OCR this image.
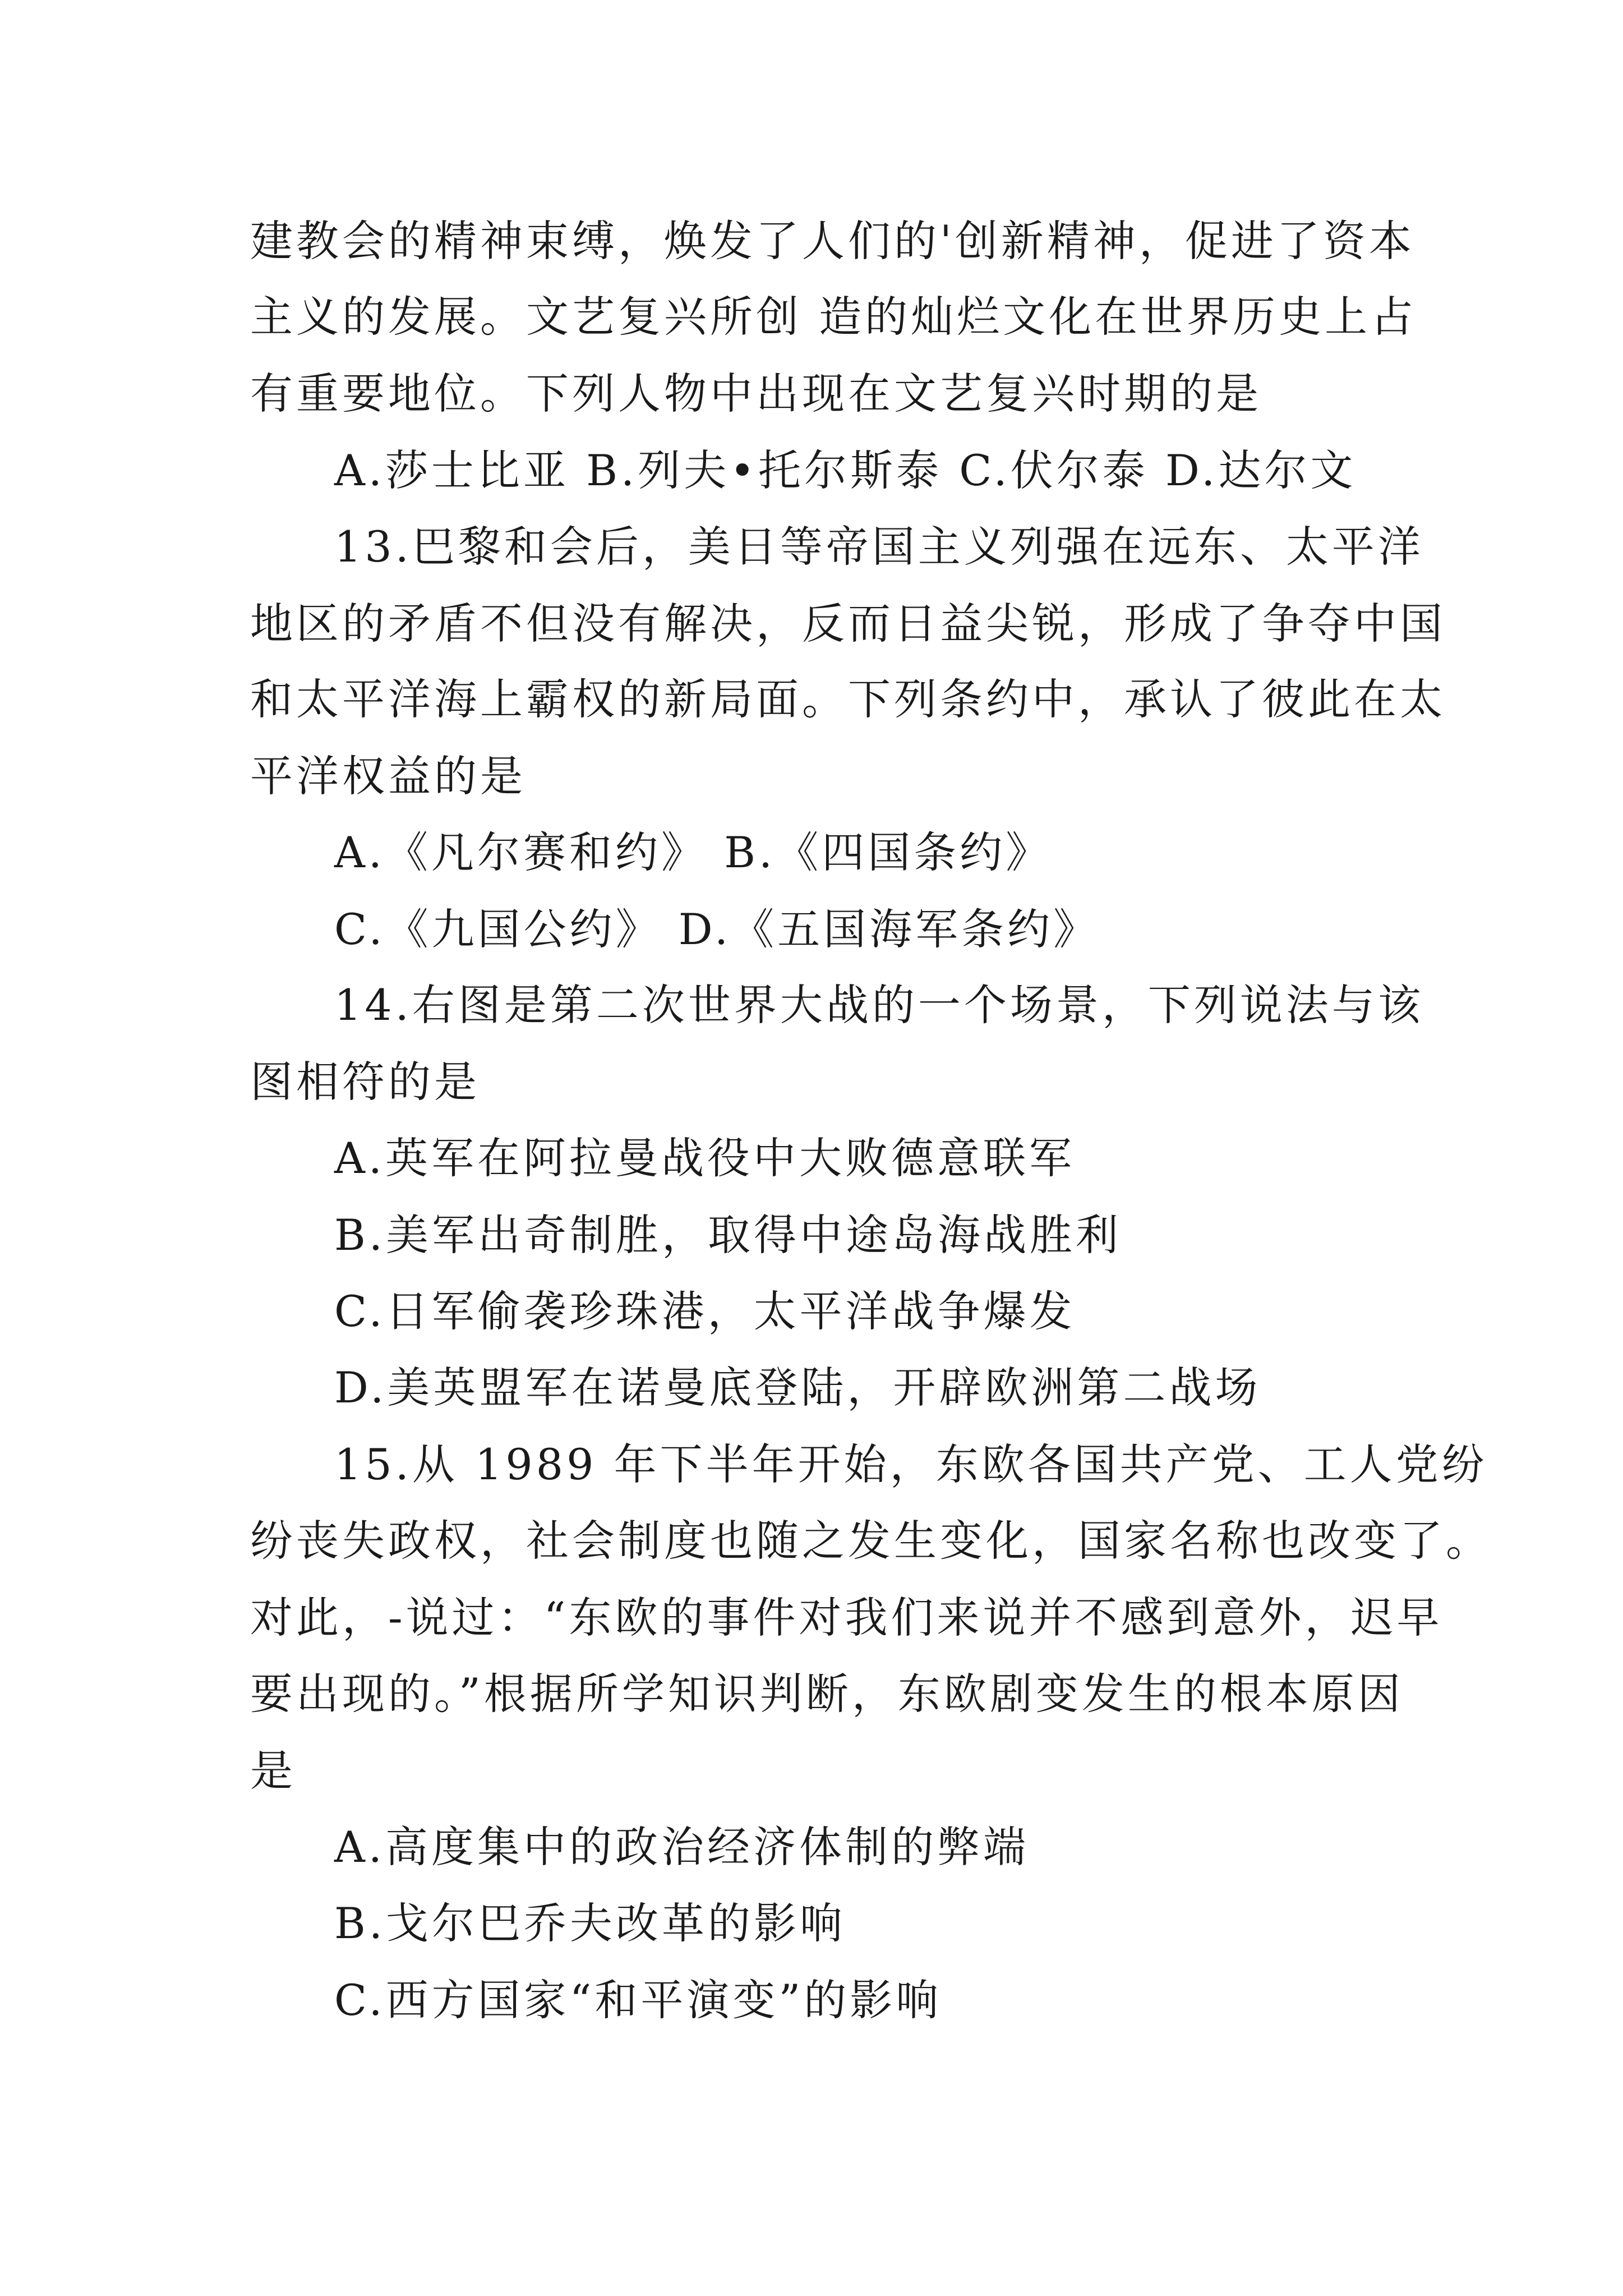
建教会的精神束缚，焕发了人们的'创新精神，促进了资本
主义的发展。文艺复兴所创 造的灿烂文化在世界历史上占
有重要地位。下列人物中出现在文艺复兴时期的是
A.莎士比亚 B.列夫•托尔斯泰 C.伏尔泰 D.达尔文
13.巴黎和会后，美日等帝国主义列强在远东、太平洋
地区的矛盾不但没有解决，反而日益尖锐，形成了争夺中国
和太平洋海上霸权的新局面。下列条约中，承认了彼此在太
平洋权益的是
A.《凡尔赛和约》 B.《四国条约》
C.《九国公约》 D.《五国海军条约》
14.右图是第二次世界大战的一个场景，下列说法与该
图相符的是
A.英军在阿拉曼战役中大败德意联军
B.美军出奇制胜，取得中途岛海战胜利
C.日军偷袭珍珠港，太平洋战争爆发
D.美英盟军在诺曼底登陆，开辟欧洲第二战场
15.从 1989 年下半年开始，东欧各国共产党、工人党纷
纷丧失政权，社会制度也随之发生变化，国家名称也改变了。
对此，-说过：“东欧的事件对我们来说并不感到意外，迟早
要出现的。”根据所学知识判断，东欧剧变发生的根本原因
是
A.高度集中的政治经济体制的弊端
B.戈尔巴乔夫改革的影响
C.西方国家“和平演变”的影响
